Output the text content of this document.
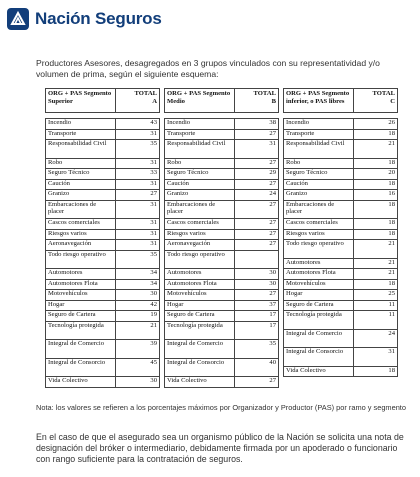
Nación Seguros

Productores Asesores, desagregados en 3 grupos vinculados con su representatividad y/o volumen de prima, según el siguiente esquema:

ORG + PAS Segmento Superior	TOTAL
A

Incendio	43
Transporte	31
Responsabilidad Civil	35
Robo	31
Seguro Técnico	33
Caución	31
Granizo	27
Embarcaciones de placer	31
Cascos comerciales	31
Riesgos varios	31
Aeronavegación	31
Todo riesgo operativo	35
Automotores	34
Automotores Flota	34
Motovehículos	30
Hogar	42
Seguro de Cartera	19
Tecnología protegida	21
Integral de Comercio	39
Integral de Consorcio	45
Vida Colectivo	30
ORG + PAS Segmento Medio	TOTAL
B

Incendio	38
Transporte	27
Responsabilidad Civil	31
Robo	27
Seguro Técnico	29
Caución	27
Granizo	24
Embarcaciones de placer	27
Cascos comerciales	27
Riesgos varios	27
Aeronavegación	27
Todo riesgo operativo	
Automotores	30
Automotores Flota	30
Motovehículos	27
Hogar	37
Seguro de Cartera	17
Tecnología protegida	17
Integral de Comercio	35
Integral de Consorcio	40
Vida Colectivo	27
ORG + PAS Segmento inferior, o PAS libres	TOTAL
C

Incendio	26
Transporte	18
Responsabilidad Civil	21
Robo	18
Seguro Técnico	20
Caución	18
Granizo	16
Embarcaciones de placer	18
Cascos comerciales	18
Riesgos varios	18
Todo riesgo operativo	21
Automotores	21
Automotores Flota	21
Motovehículos	18
Hogar	25
Seguro de Cartera	11
Tecnología protegida	11
Integral de Comercio	24
Integral de Consorcio	31
Vida Colectivo	18

Nota: los valores se refieren a los porcentajes máximos por Organizador y Productor (PAS) por ramo y segmento

En el caso de que el asegurado sea un organismo público de la Nación se solicita una nota de designación del bróker o intermediario, debidamente firmada por un apoderado o funcionario con rango suficiente para la contratación de seguros.
